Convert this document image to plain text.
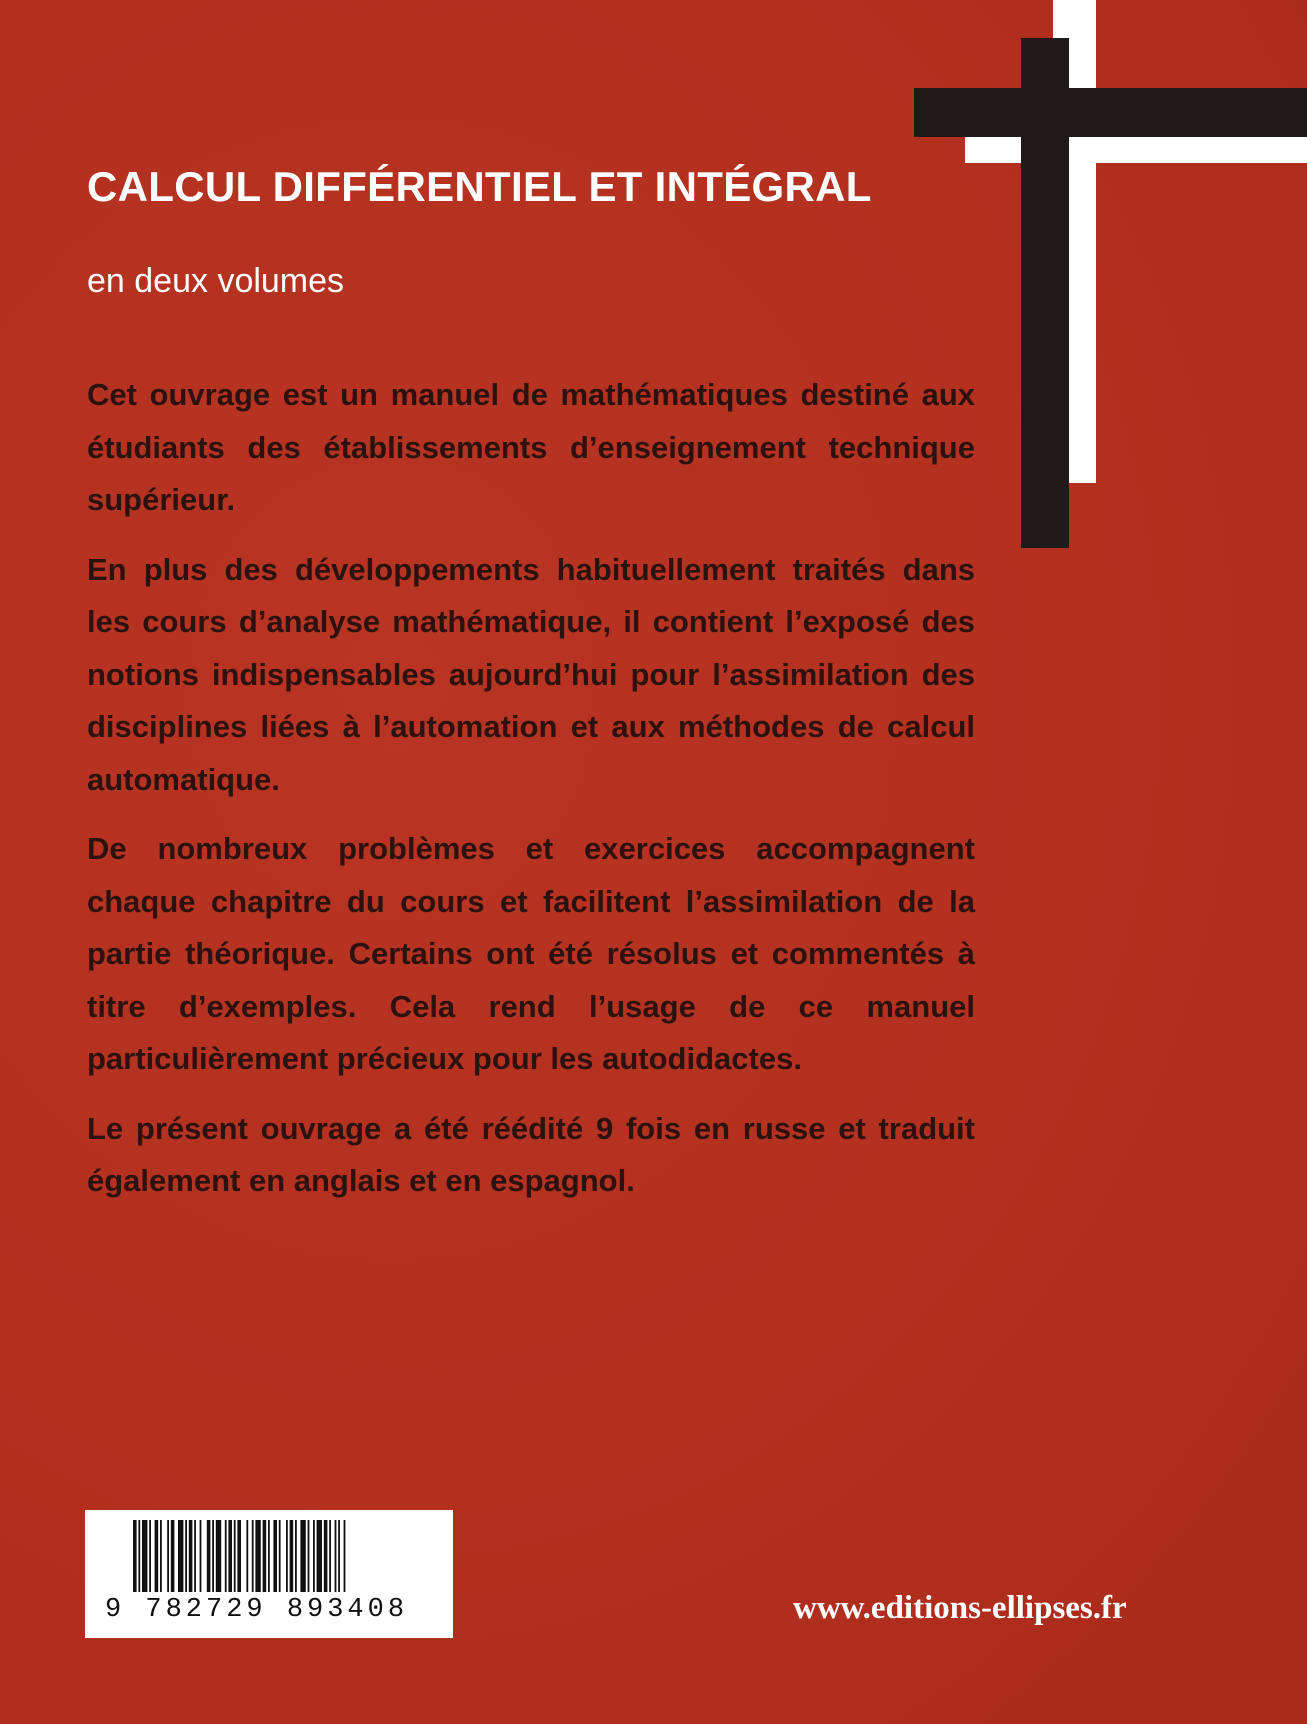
CALCUL DIFFÉRENTIEL ET INTÉGRAL
en deux volumes

Cet ouvrage est un manuel de mathématiques destiné aux étudiants des établissements d’enseignement technique supérieur.

En plus des développements habituellement traités dans les cours d’analyse mathématique, il contient l’exposé des notions indispensables aujourd’hui pour l’assimilation des disciplines liées à l’automation et aux méthodes de calcul automatique.

De nombreux problèmes et exercices accompagnent chaque chapitre du cours et facilitent l’assimilation de la partie théorique. Certains ont été résolus et commentés à titre d’exemples. Cela rend l’usage de ce manuel particulièrement précieux pour les autodidactes.

Le présent ouvrage a été réédité 9 fois en russe et traduit également en anglais et en espagnol.

9 782729 893408	www.editions-ellipses.fr
